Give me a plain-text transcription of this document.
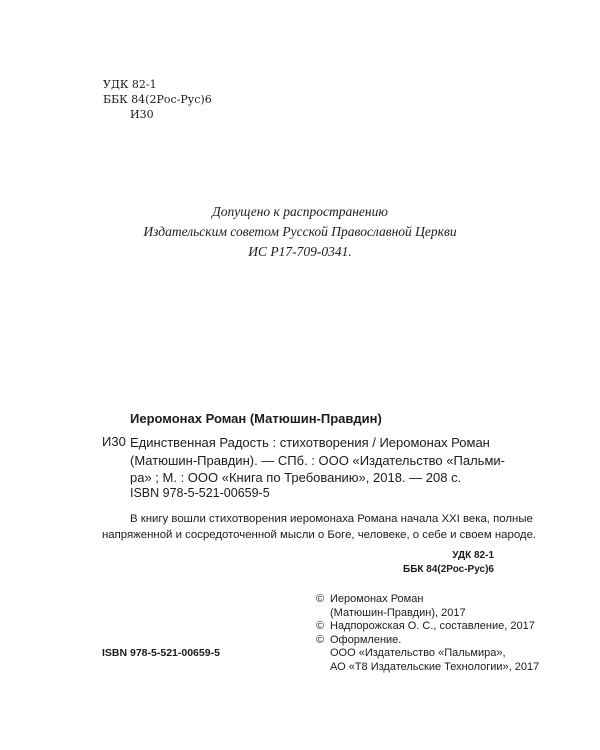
УДК 82-1
ББК 84(2Рос-Рус)6
И30
Допущено к распространению
Издательским советом Русской Православной Церкви
ИС Р17-709-0341.
Иеромонах Роман (Матюшин-Правдин)
И30 Единственная Радость : стихотворения / Иеромонах Роман
(Матюшин-Правдин). — СПб. : ООО «Издательство «Пальми-
ра» ; М. : ООО «Книга по Требованию», 2018. — 208 с.
ISBN 978-5-521-00659-5
В книгу вошли стихотворения иеромонаха Романа начала XXI века, полные
напряженной и сосредоточенной мысли о Боге, человеке, о себе и своем народе.
УДК 82-1
ББК 84(2Рос-Рус)6
© Иеромонах Роман
(Матюшин-Правдин), 2017
© Надпорожская О. С., составление, 2017
© Оформление.
ООО «Издательство «Пальмира»,
АО «Т8 Издательские Технологии», 2017
ISBN 978-5-521-00659-5
